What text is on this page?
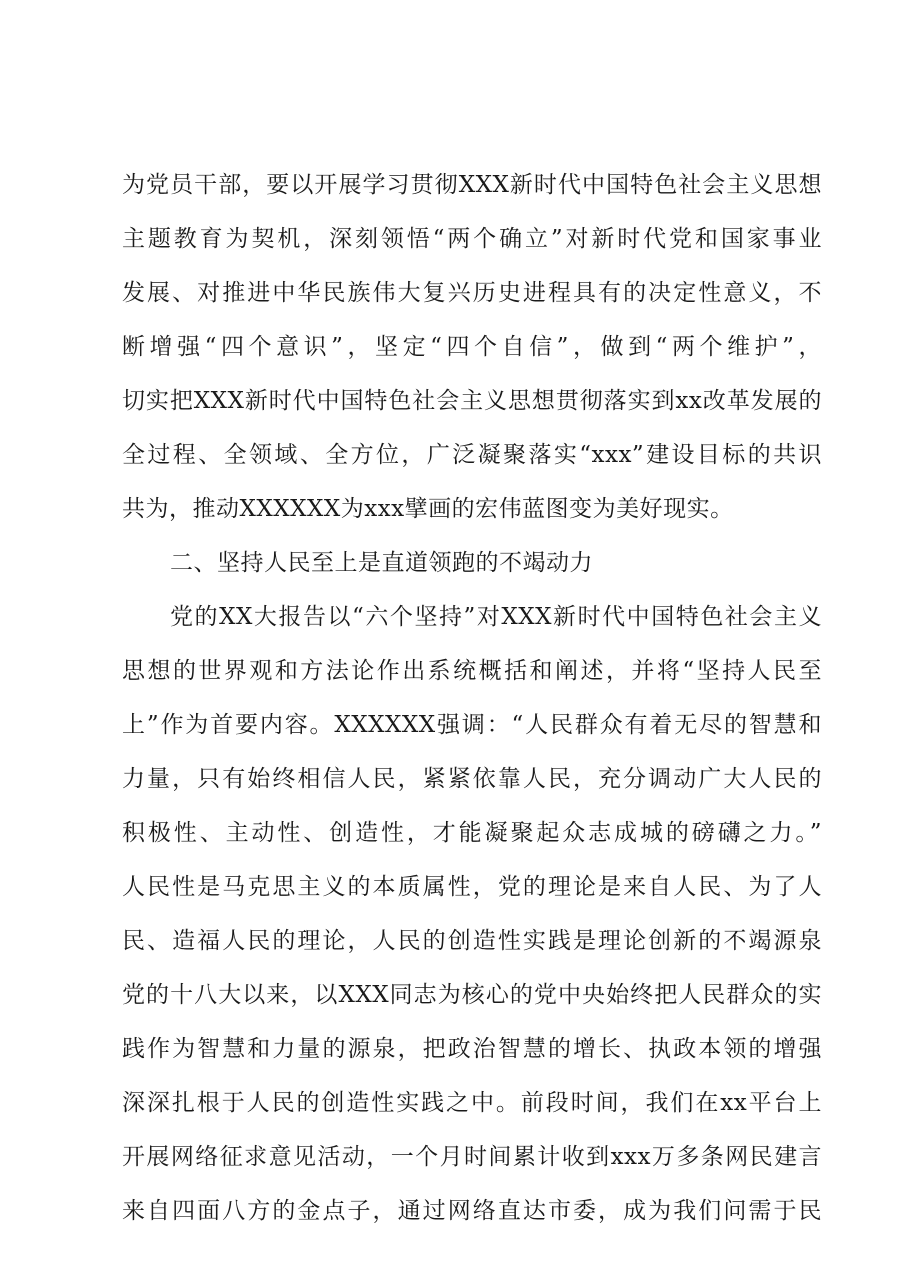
为党员干部，要以开展学习贯彻XXX新时代中国特色社会主义思想
主题教育为契机，深刻领悟“两个确立”对新时代党和国家事业
发展、对推进中华民族伟大复兴历史进程具有的决定性意义，不
断增强“四个意识”，坚定“四个自信”，做到“两个维护”，
切实把XXX新时代中国特色社会主义思想贯彻落实到xx改革发展的
全过程、全领域、全方位，广泛凝聚落实“xxx”建设目标的共识
共为，推动XXXXXX为xxx擘画的宏伟蓝图变为美好现实。
二、坚持人民至上是直道领跑的不竭动力
党的XX大报告以“六个坚持”对XXX新时代中国特色社会主义
思想的世界观和方法论作出系统概括和阐述，并将“坚持人民至
上”作为首要内容。XXXXXX强调：“人民群众有着无尽的智慧和
力量，只有始终相信人民，紧紧依靠人民，充分调动广大人民的
积极性、主动性、创造性，才能凝聚起众志成城的磅礴之力。”
人民性是马克思主义的本质属性，党的理论是来自人民、为了人
民、造福人民的理论，人民的创造性实践是理论创新的不竭源泉
党的十八大以来，以XXX同志为核心的党中央始终把人民群众的实
践作为智慧和力量的源泉，把政治智慧的增长、执政本领的增强
深深扎根于人民的创造性实践之中。前段时间，我们在xx平台上
开展网络征求意见活动，一个月时间累计收到xxx万多条网民建言
来自四面八方的金点子，通过网络直达市委，成为我们问需于民
